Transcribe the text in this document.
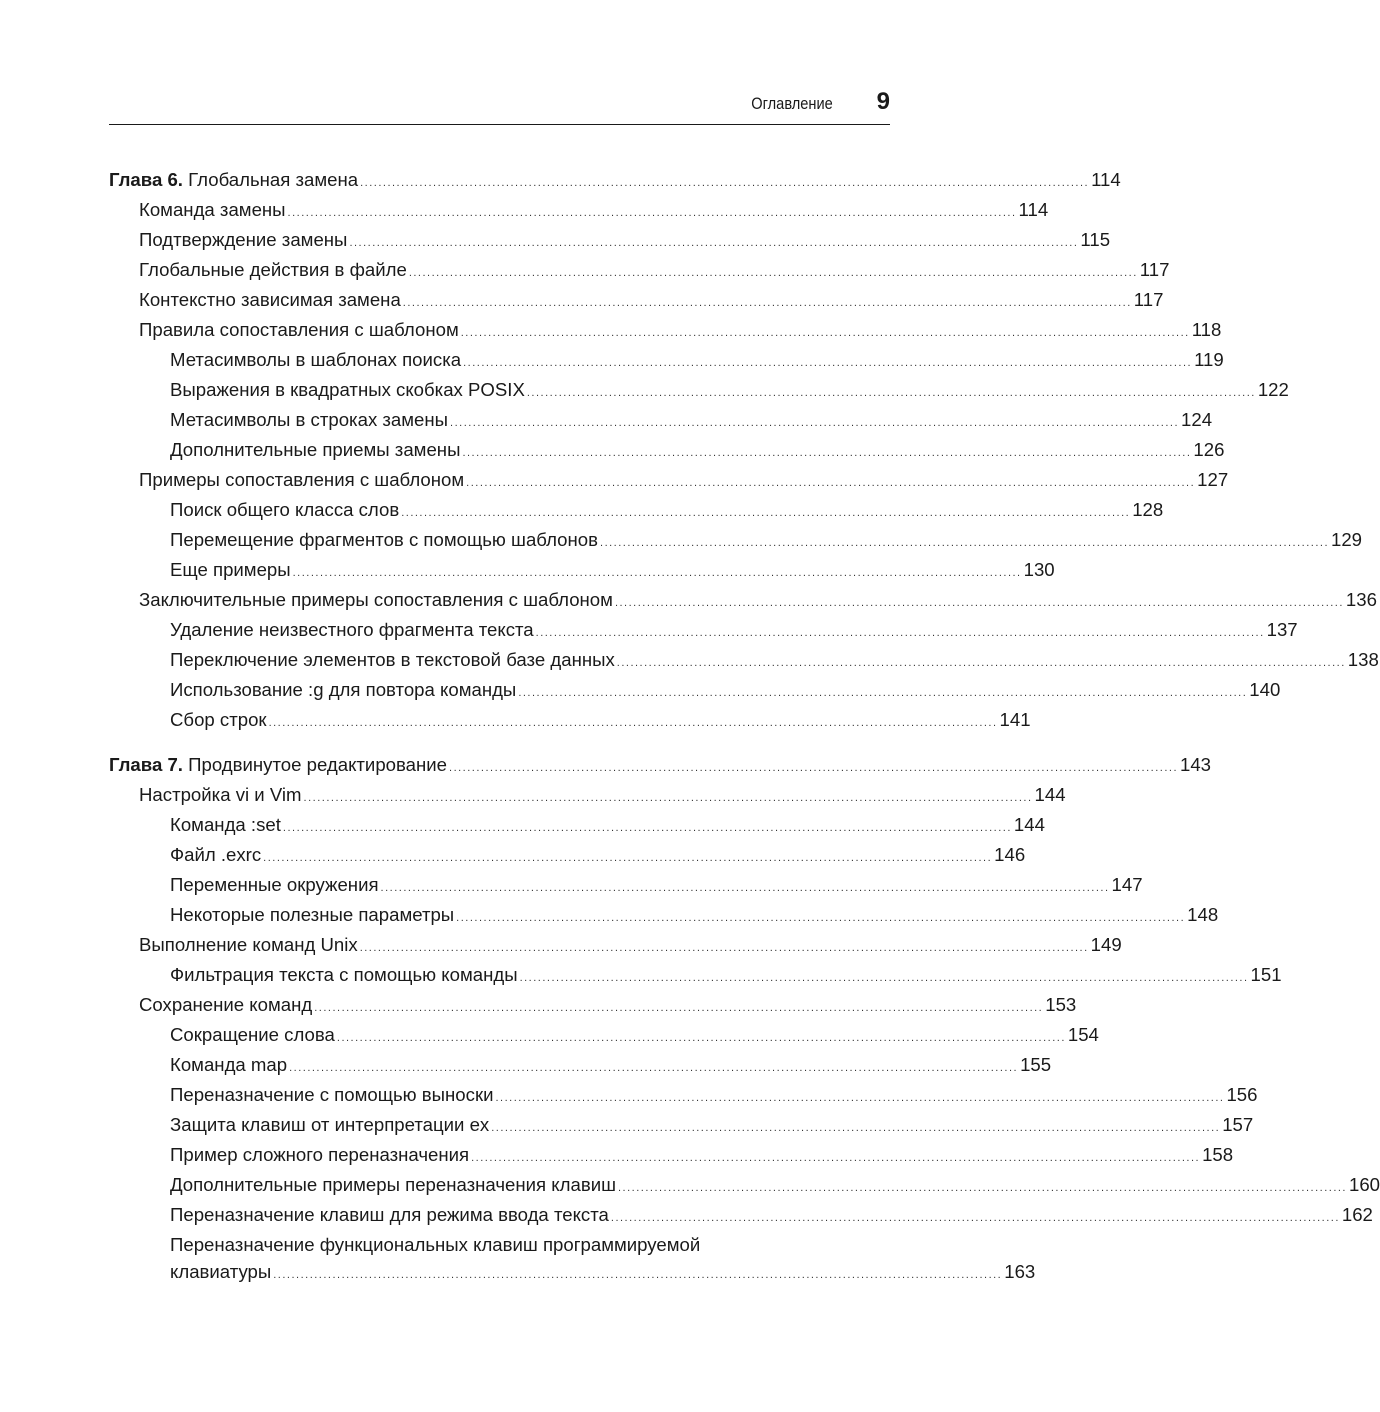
Оглавление 9
Глава 6. Глобальная замена ................................................................................................................................................................ 114
Команда замены ................................................................................................................................................................ 114
Подтверждение замены ................................................................................................................................................................ 115
Глобальные действия в файле ................................................................................................................................................................ 117
Контекстно зависимая замена ................................................................................................................................................................ 117
Правила сопоставления с шаблоном ................................................................................................................................................................ 118
Метасимволы в шаблонах поиска ................................................................................................................................................................ 119
Выражения в квадратных скобках POSIX ................................................................................................................................................................ 122
Метасимволы в строках замены ................................................................................................................................................................ 124
Дополнительные приемы замены ................................................................................................................................................................ 126
Примеры сопоставления с шаблоном ................................................................................................................................................................ 127
Поиск общего класса слов ................................................................................................................................................................ 128
Перемещение фрагментов с помощью шаблонов ................................................................................................................................................................ 129
Еще примеры ................................................................................................................................................................ 130
Заключительные примеры сопоставления с шаблоном ................................................................................................................................................................ 136
Удаление неизвестного фрагмента текста ................................................................................................................................................................ 137
Переключение элементов в текстовой базе данных ................................................................................................................................................................ 138
Использование :g для повтора команды ................................................................................................................................................................ 140
Сбор строк ................................................................................................................................................................ 141
Глава 7. Продвинутое редактирование ................................................................................................................................................................ 143
Настройка vi и Vim ................................................................................................................................................................ 144
Команда :set ................................................................................................................................................................ 144
Файл .exrc ................................................................................................................................................................ 146
Переменные окружения ................................................................................................................................................................ 147
Некоторые полезные параметры ................................................................................................................................................................ 148
Выполнение команд Unix ................................................................................................................................................................ 149
Фильтрация текста с помощью команды ................................................................................................................................................................ 151
Сохранение команд ................................................................................................................................................................ 153
Сокращение слова ................................................................................................................................................................ 154
Команда map ................................................................................................................................................................ 155
Переназначение с помощью выноски ................................................................................................................................................................ 156
Защита клавиш от интерпретации ex ................................................................................................................................................................ 157
Пример сложного переназначения ................................................................................................................................................................ 158
Дополнительные примеры переназначения клавиш ................................................................................................................................................................ 160
Переназначение клавиш для режима ввода текста ................................................................................................................................................................ 162
Переназначение функциональных клавиш программируемой
клавиатуры ................................................................................................................................................................ 163
